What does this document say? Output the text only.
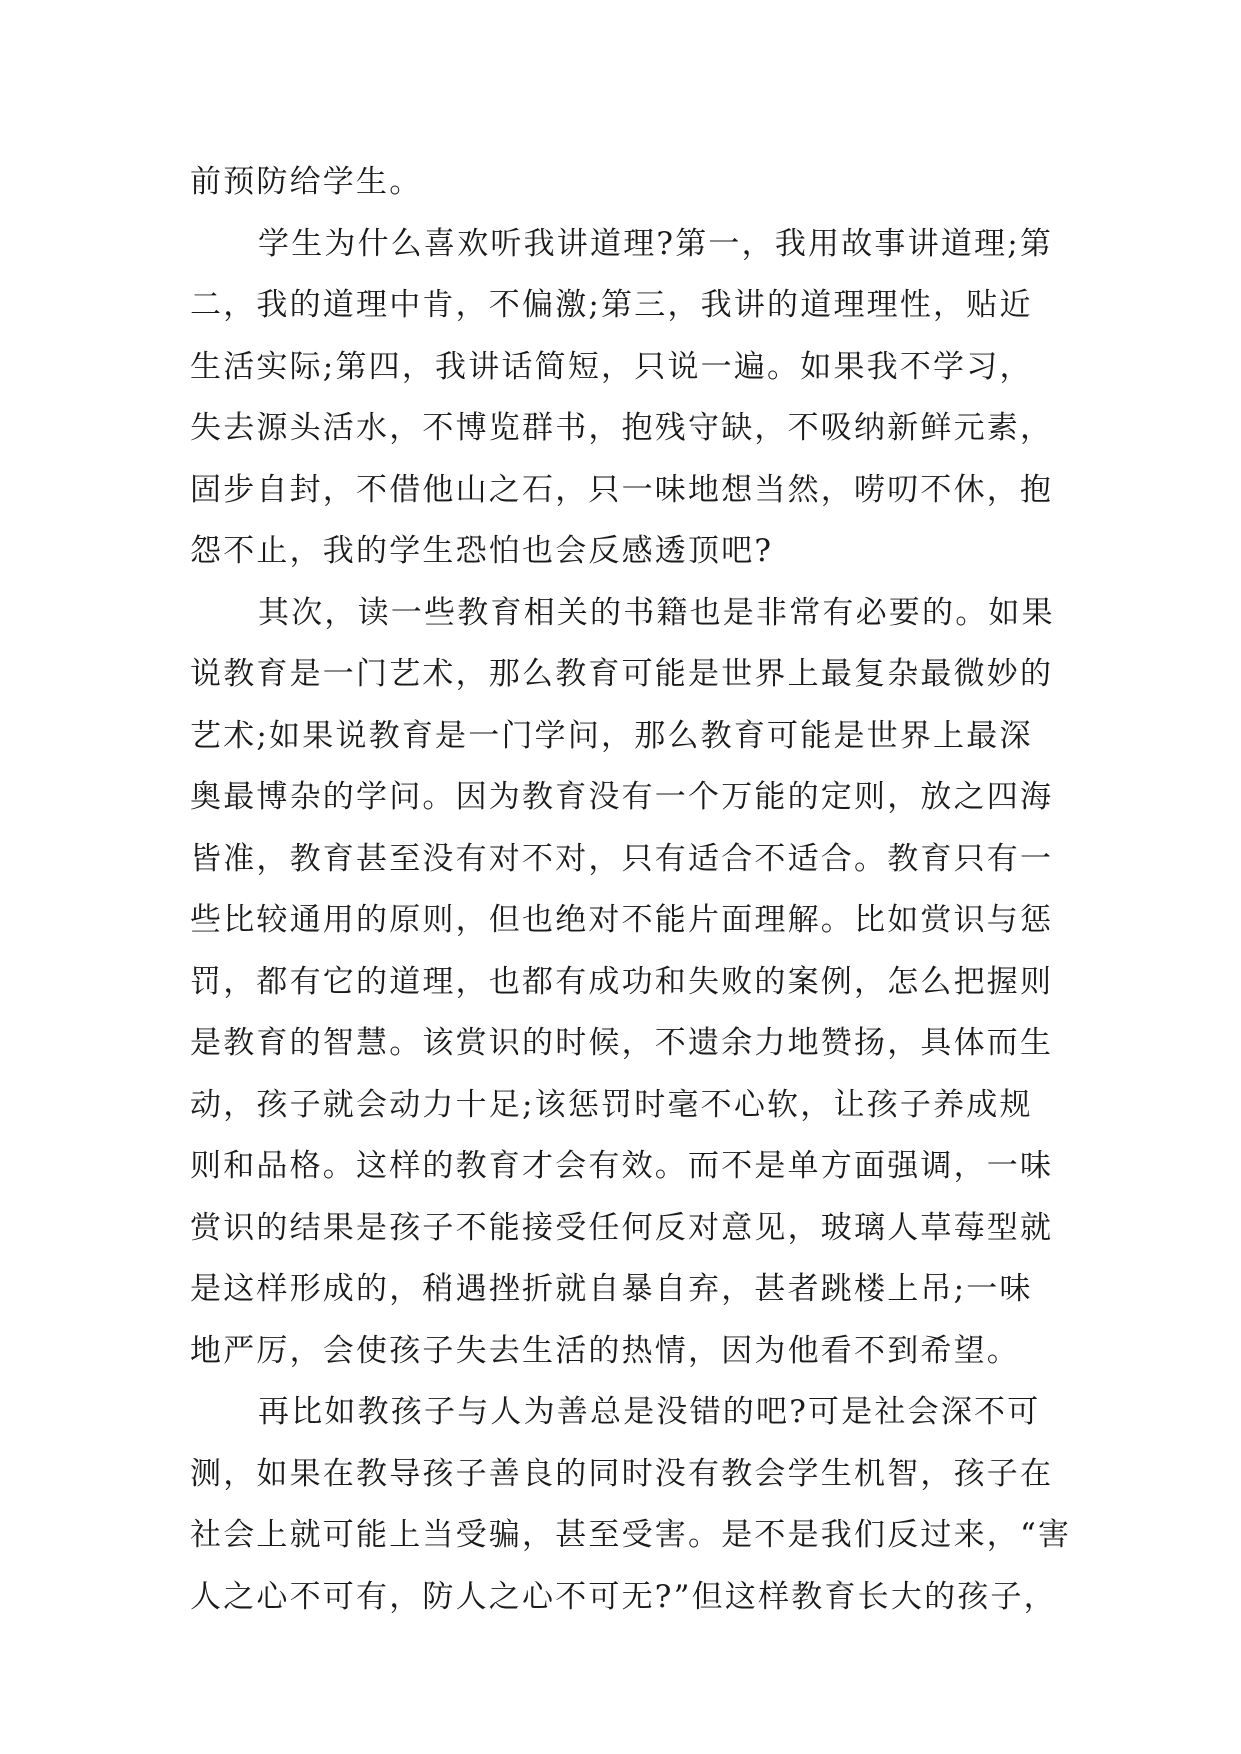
前预防给学生。
学生为什么喜欢听我讲道理?第一，我用故事讲道理;第
二，我的道理中肯，不偏激;第三，我讲的道理理性，贴近
生活实际;第四，我讲话简短，只说一遍。如果我不学习，
失去源头活水，不博览群书，抱残守缺，不吸纳新鲜元素，
固步自封，不借他山之石，只一味地想当然，唠叨不休，抱
怨不止，我的学生恐怕也会反感透顶吧?
其次，读一些教育相关的书籍也是非常有必要的。如果
说教育是一门艺术，那么教育可能是世界上最复杂最微妙的
艺术;如果说教育是一门学问，那么教育可能是世界上最深
奥最博杂的学问。因为教育没有一个万能的定则，放之四海
皆准，教育甚至没有对不对，只有适合不适合。教育只有一
些比较通用的原则，但也绝对不能片面理解。比如赏识与惩
罚，都有它的道理，也都有成功和失败的案例，怎么把握则
是教育的智慧。该赏识的时候，不遗余力地赞扬，具体而生
动，孩子就会动力十足;该惩罚时毫不心软，让孩子养成规
则和品格。这样的教育才会有效。而不是单方面强调，一味
赏识的结果是孩子不能接受任何反对意见，玻璃人草莓型就
是这样形成的，稍遇挫折就自暴自弃，甚者跳楼上吊;一味
地严厉，会使孩子失去生活的热情，因为他看不到希望。
再比如教孩子与人为善总是没错的吧?可是社会深不可
测，如果在教导孩子善良的同时没有教会学生机智，孩子在
社会上就可能上当受骗，甚至受害。是不是我们反过来，“害
人之心不可有，防人之心不可无?”但这样教育长大的孩子，
